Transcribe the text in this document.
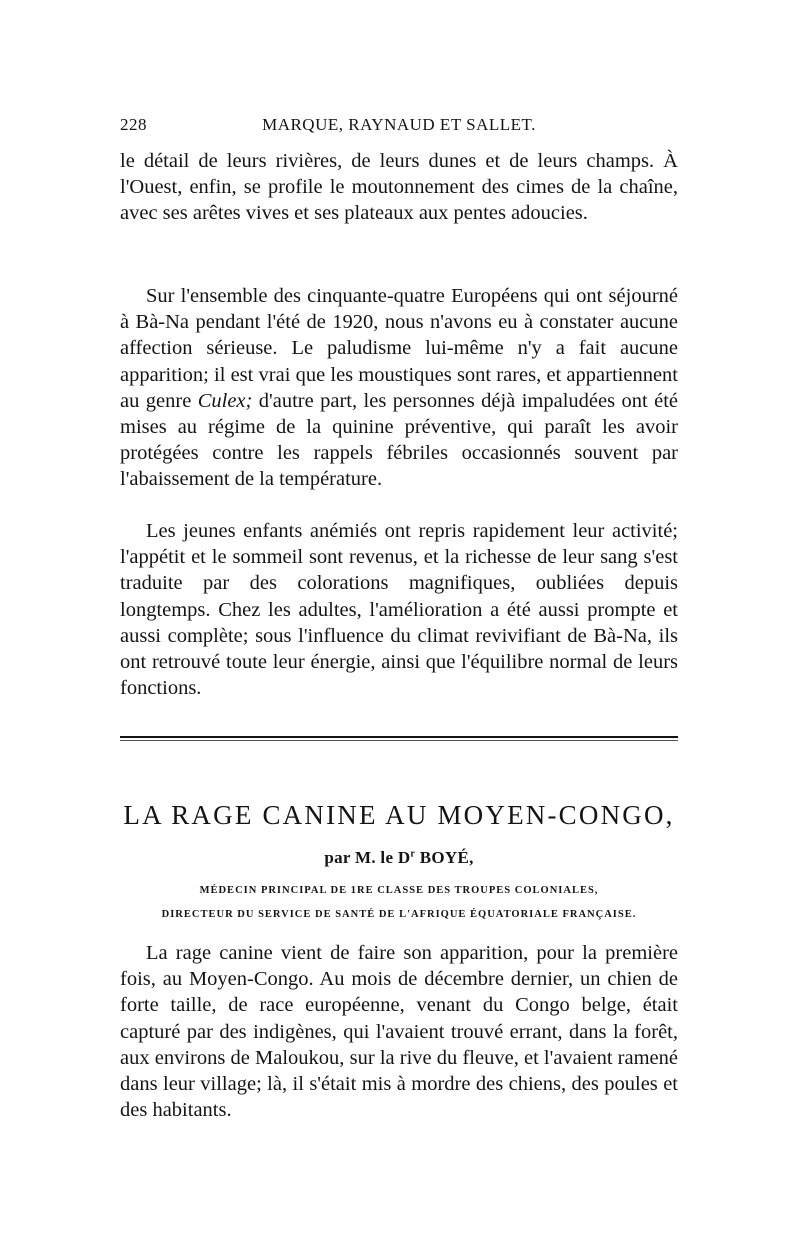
228	MARQUE, RAYNAUD ET SALLET.

le détail de leurs rivières, de leurs dunes et de leurs champs. À l'Ouest, enfin, se profile le moutonnement des cimes de la chaîne, avec ses arêtes vives et ses plateaux aux pentes adoucies.

Sur l'ensemble des cinquante-quatre Européens qui ont séjourné à Bà-Na pendant l'été de 1920, nous n'avons eu à constater aucune affection sérieuse. Le paludisme lui-même n'y a fait aucune apparition; il est vrai que les moustiques sont rares, et appartiennent au genre Culex; d'autre part, les personnes déjà impaludées ont été mises au régime de la quinine préventive, qui paraît les avoir protégées contre les rappels fébriles occasionnés souvent par l'abaissement de la température.

Les jeunes enfants anémiés ont repris rapidement leur activité; l'appétit et le sommeil sont revenus, et la richesse de leur sang s'est traduite par des colorations magnifiques, oubliées depuis longtemps. Chez les adultes, l'amélioration a été aussi prompte et aussi complète; sous l'influence du climat revivifiant de Bà-Na, ils ont retrouvé toute leur énergie, ainsi que l'équilibre normal de leurs fonctions.

LA RAGE CANINE AU MOYEN-CONGO,
par M. le $D^r$ BOYÉ,
MÉDECIN PRINCIPAL DE 1RE CLASSE DES TROUPES COLONIALES,
DIRECTEUR DU SERVICE DE SANTÉ DE L'AFRIQUE ÉQUATORIALE FRANÇAISE.

La rage canine vient de faire son apparition, pour la première fois, au Moyen-Congo. Au mois de décembre dernier, un chien de forte taille, de race européenne, venant du Congo belge, était capturé par des indigènes, qui l'avaient trouvé errant, dans la forêt, aux environs de Maloukou, sur la rive du fleuve, et l'avaient ramené dans leur village; là, il s'était mis à mordre des chiens, des poules et des habitants.
